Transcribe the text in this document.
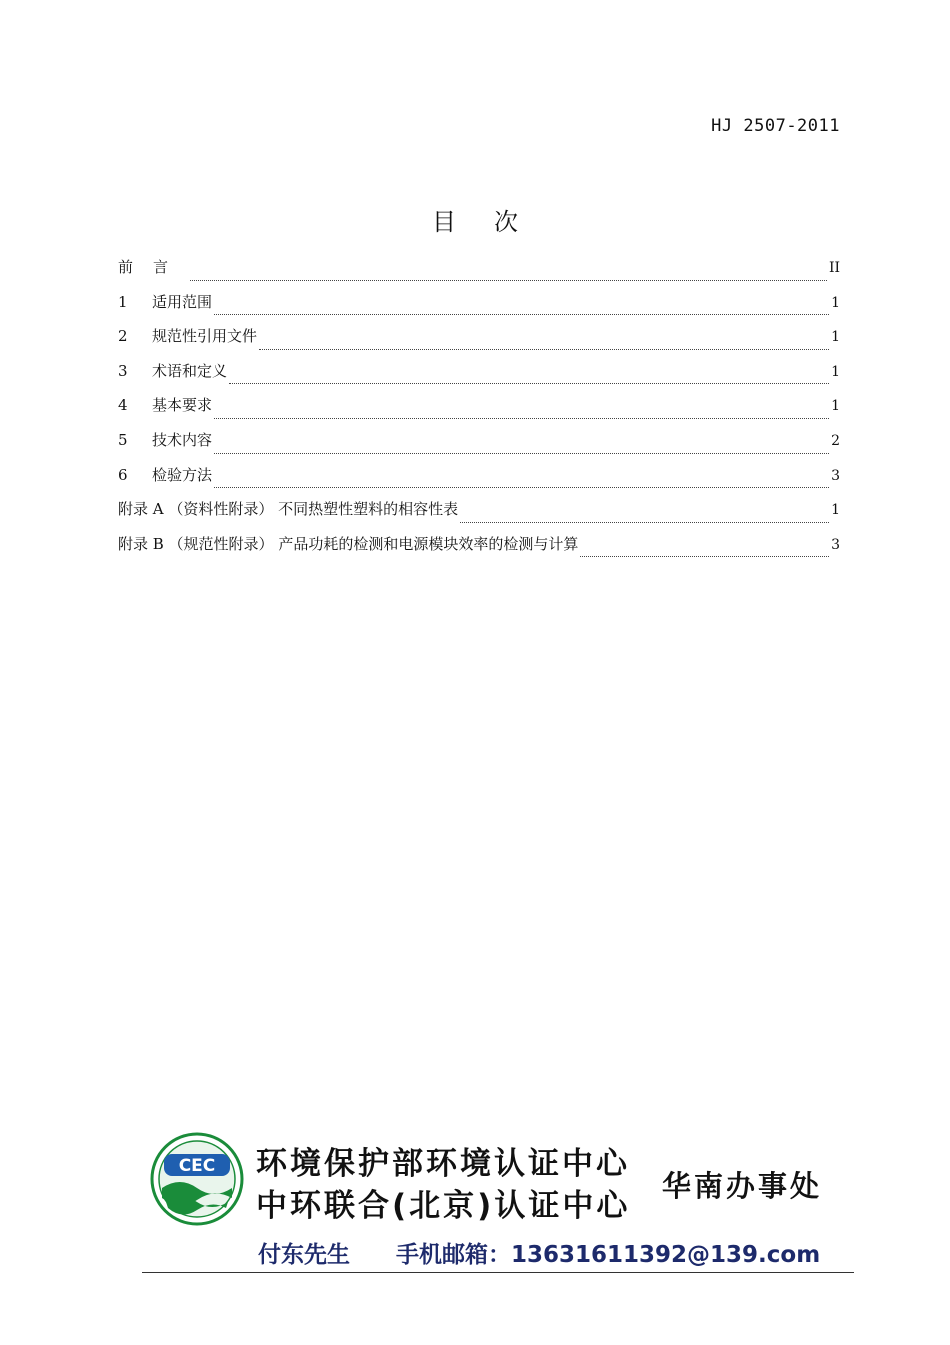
HJ 2507-2011
目 次
前言	II
1	适用范围	1
2	规范性引用文件	1
3	术语和定义	1
4	基本要求	1
5	技术内容	2
6	检验方法	3
附录 A （资料性附录） 不同热塑性塑料的相容性表	1
附录 B （规范性附录） 产品功耗的检测和电源模块效率的检测与计算	3
CEC 环境保护部环境认证中心
中环联合(北京)认证中心
华南办事处
付东先生 手机邮箱：13631611392@139.com
